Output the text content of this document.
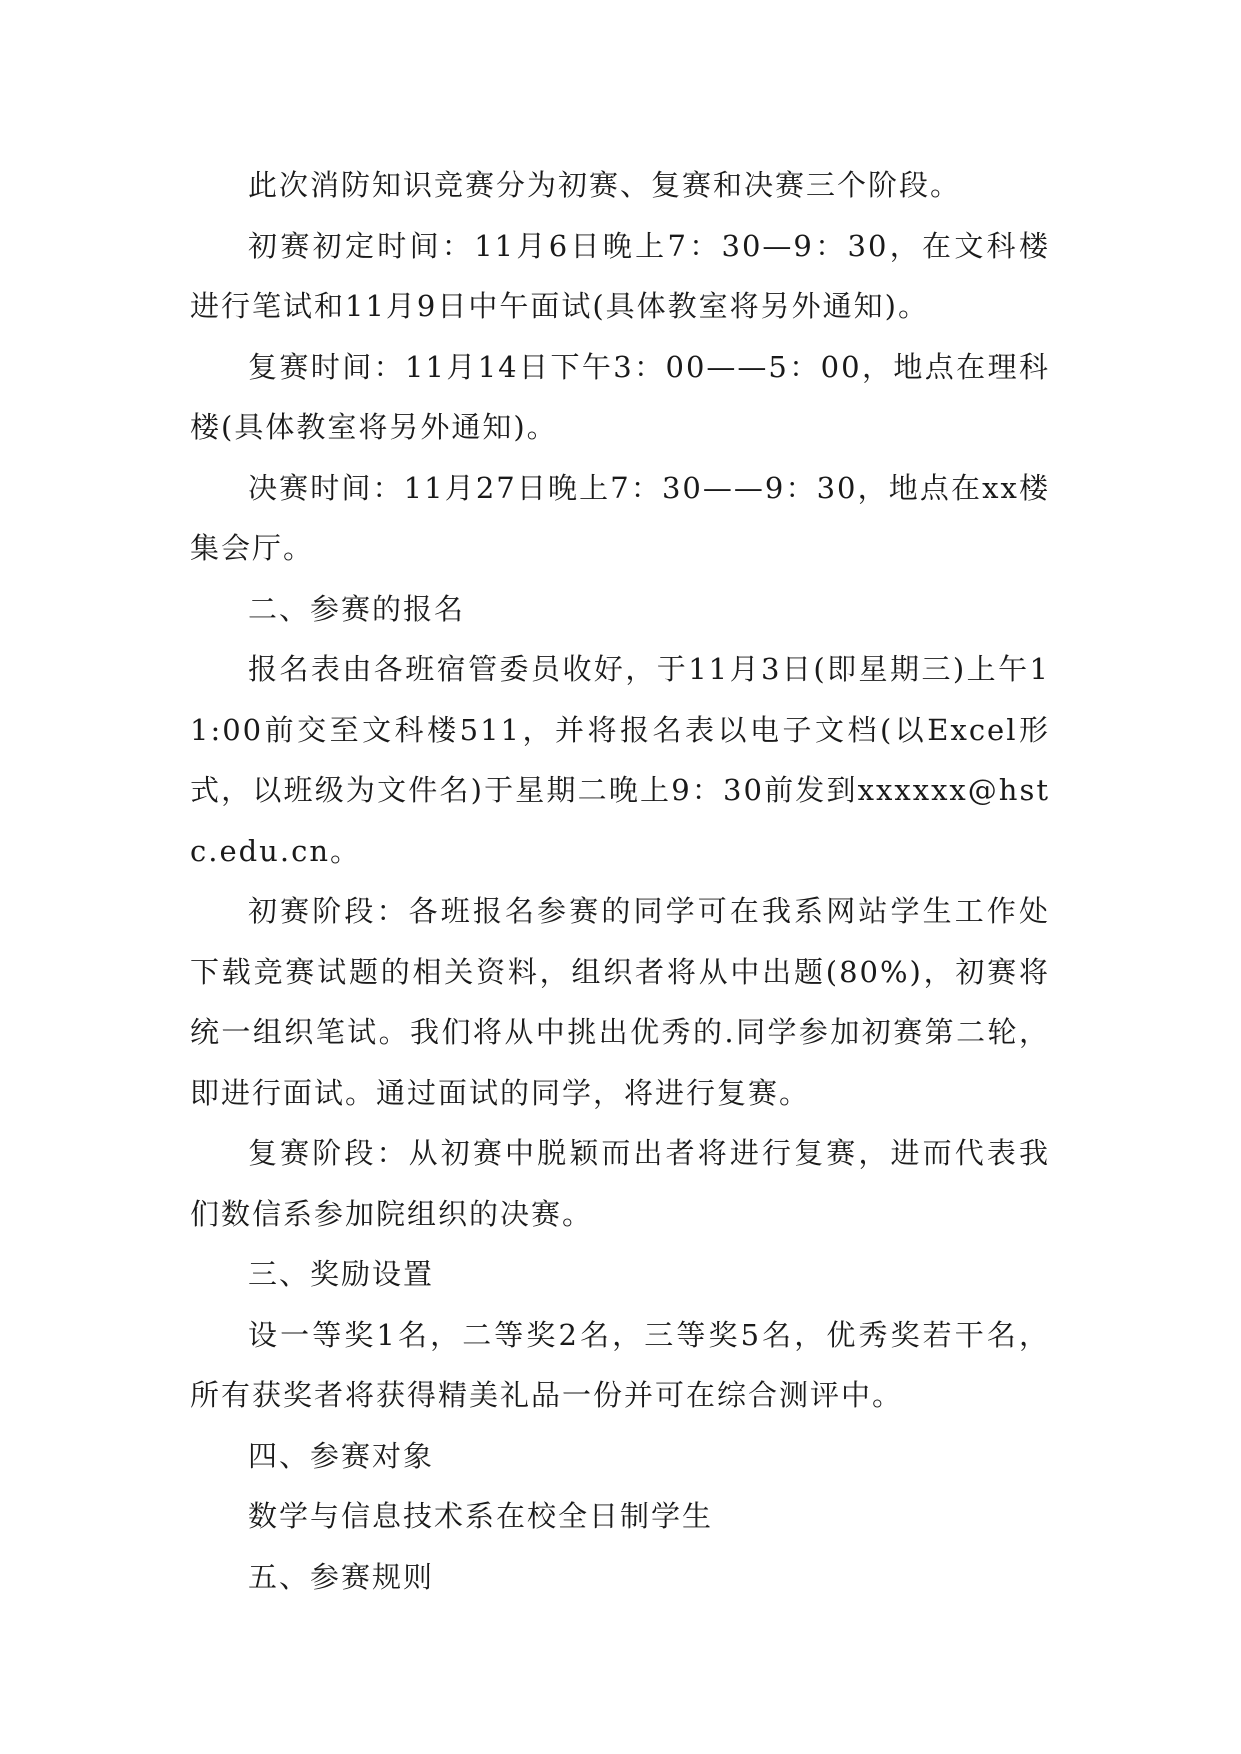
此次消防知识竞赛分为初赛、复赛和决赛三个阶段。

初赛初定时间：11月6日晚上7：30—9：30，在文科楼进行笔试和11月9日中午面试(具体教室将另外通知)。

复赛时间：11月14日下午3：00——5：00，地点在理科楼(具体教室将另外通知)。

决赛时间：11月27日晚上7：30——9：30，地点在xx楼集会厅。

二、参赛的报名

报名表由各班宿管委员收好，于11月3日(即星期三)上午11:00前交至文科楼511，并将报名表以电子文档(以Excel形式，以班级为文件名)于星期二晚上9：30前发到xxxxxx@hstc.edu.cn。

初赛阶段：各班报名参赛的同学可在我系网站学生工作处下载竞赛试题的相关资料，组织者将从中出题(80%)，初赛将统一组织笔试。我们将从中挑出优秀的.同学参加初赛第二轮，即进行面试。通过面试的同学，将进行复赛。

复赛阶段：从初赛中脱颖而出者将进行复赛，进而代表我们数信系参加院组织的决赛。

三、奖励设置

设一等奖1名，二等奖2名，三等奖5名，优秀奖若干名，所有获奖者将获得精美礼品一份并可在综合测评中。

四、参赛对象

数学与信息技术系在校全日制学生

五、参赛规则
